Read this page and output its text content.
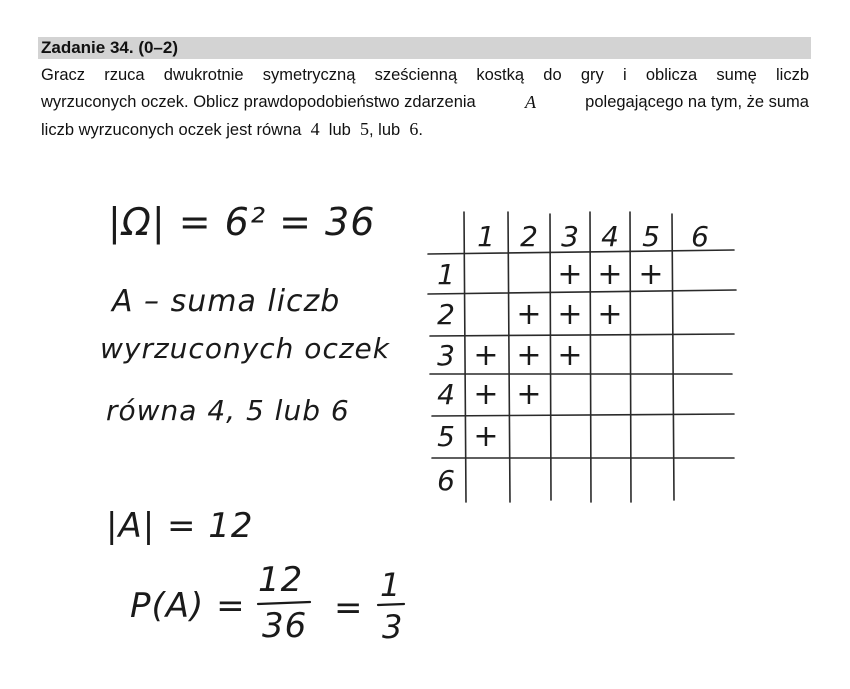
Zadanie 34. (0–2)
Gracz rzuca dwukrotnie symetryczną sześcienną kostką do gry i oblicza sumę liczb
wyrzuconych oczek. Oblicz prawdopodobieństwo zdarzenia	A	polegającego na tym, że suma
liczb wyrzuconych oczek jest równa 4 lub 5, lub 6.
|Ω| = 6² = 36
A – suma liczb
wyrzuconych oczek
równa 4, 5 lub 6
|A| = 12
P(A) =
12
36 =
1
3
1 2 3 4 5 6
1
2
3
4
5
6
+ + +
+ + +
+ + +
+ +
+
